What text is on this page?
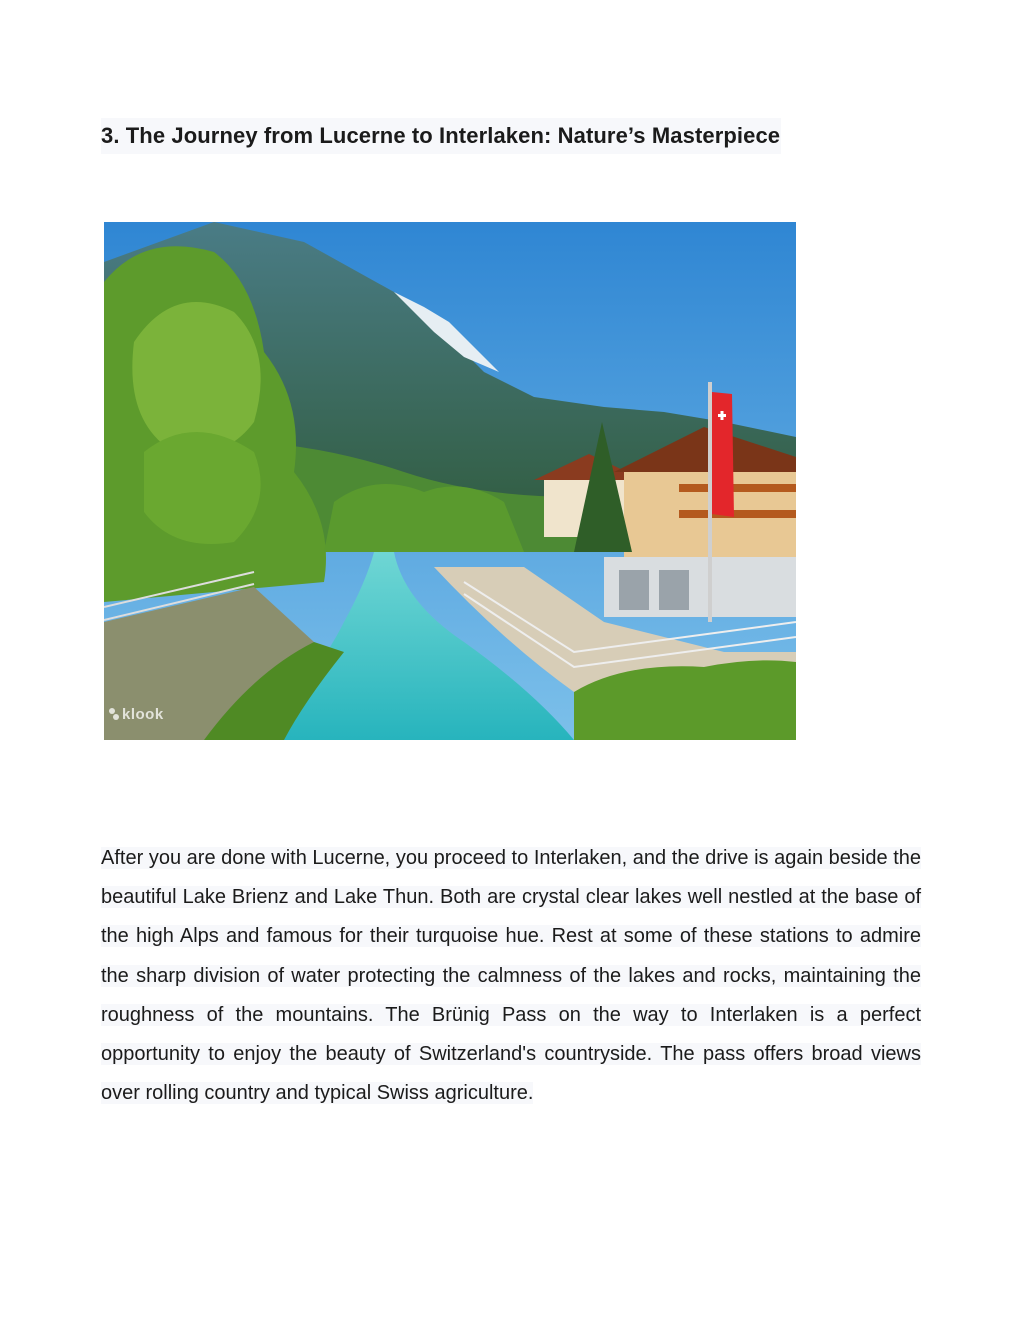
3. The Journey from Lucerne to Interlaken: Nature’s Masterpiece
klook

After you are done with Lucerne, you proceed to Interlaken, and the drive is again beside the beautiful Lake Brienz and Lake Thun. Both are crystal clear lakes well nestled at the base of the high Alps and famous for their turquoise hue. Rest at some of these stations to admire the sharp division of water protecting the calmness of the lakes and rocks, maintaining the roughness of the mountains. The Brünig Pass on the way to Interlaken is a perfect opportunity to enjoy the beauty of Switzerland's countryside. The pass offers broad views over rolling country and typical Swiss agriculture.
